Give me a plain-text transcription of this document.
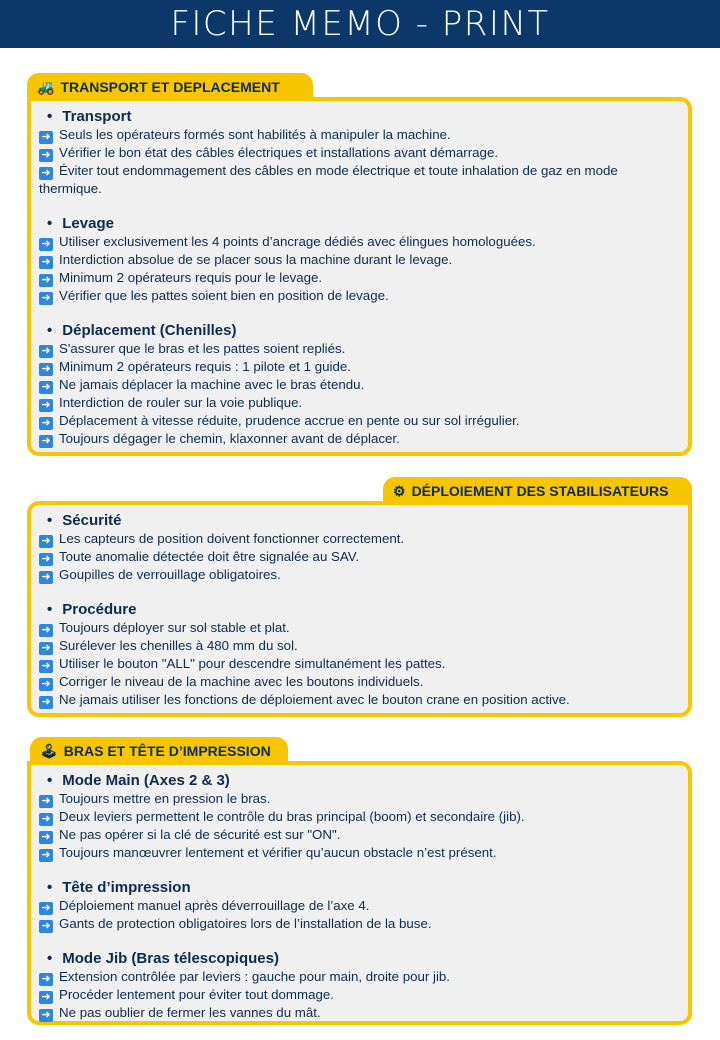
FICHE MEMO - PRINT
🚜 TRANSPORT ET DEPLACEMENT
• Transport
➜ Seuls les opérateurs formés sont habilités à manipuler la machine.
➜ Vérifier le bon état des câbles électriques et installations avant démarrage.
➜ Éviter tout endommagement des câbles en mode électrique et toute inhalation de gaz en mode thermique.
• Levage
➜ Utiliser exclusivement les 4 points d’ancrage dédiés avec élingues homologuées.
➜ Interdiction absolue de se placer sous la machine durant le levage.
➜ Minimum 2 opérateurs requis pour le levage.
➜ Vérifier que les pattes soient bien en position de levage.
• Déplacement (Chenilles)
➜ S'assurer que le bras et les pattes soient repliés.
➜ Minimum 2 opérateurs requis : 1 pilote et 1 guide.
➜ Ne jamais déplacer la machine avec le bras étendu.
➜ Interdiction de rouler sur la voie publique.
➜ Déplacement à vitesse réduite, prudence accrue en pente ou sur sol irrégulier.
➜ Toujours dégager le chemin, klaxonner avant de déplacer.
⚙ DÉPLOIEMENT DES STABILISATEURS
• Sécurité
➜ Les capteurs de position doivent fonctionner correctement.
➜ Toute anomalie détectée doit être signalée au SAV.
➜ Goupilles de verrouillage obligatoires.
• Procédure
➜ Toujours déployer sur sol stable et plat.
➜ Surélever les chenilles à 480 mm du sol.
➜ Utiliser le bouton "ALL" pour descendre simultanément les pattes.
➜ Corriger le niveau de la machine avec les boutons individuels.
➜ Ne jamais utiliser les fonctions de déploiement avec le bouton crane en position active.
🕹 BRAS ET TÊTE D’IMPRESSION
• Mode Main (Axes 2 & 3)
➜ Toujours mettre en pression le bras.
➜ Deux leviers permettent le contrôle du bras principal (boom) et secondaire (jib).
➜ Ne pas opérer si la clé de sécurité est sur "ON".
➜ Toujours manœuvrer lentement et vérifier qu’aucun obstacle n’est présent.
• Tête d’impression
➜ Déploiement manuel après déverrouillage de l’axe 4.
➜ Gants de protection obligatoires lors de l’installation de la buse.
• Mode Jib (Bras télescopiques)
➜ Extension contrôlée par leviers : gauche pour main, droite pour jib.
➜ Procéder lentement pour éviter tout dommage.
➜ Ne pas oublier de fermer les vannes du mât.
